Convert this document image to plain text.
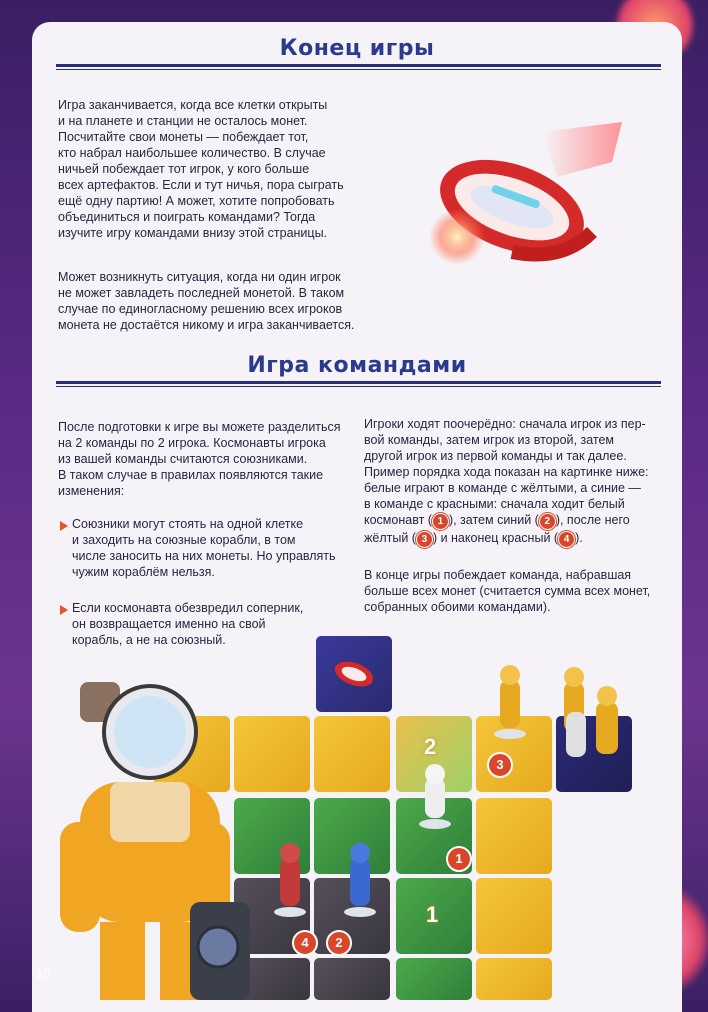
Конец игры

Игра заканчивается, когда все клетки открыты
и на планете и станции не осталось монет.
Посчитайте свои монеты — побеждает тот,
кто набрал наибольшее количество. В случае
ничьей побеждает тот игрок, у кого больше
всех артефактов. Если и тут ничья, пора сыграть
ещё одну партию! А может, хотите попробовать
объединиться и поиграть командами? Тогда
изучите игру командами внизу этой страницы.

Может возникнуть ситуация, когда ни один игрок
не может завладеть последней монетой. В таком
случае по единогласному решению всех игроков
монета не достаётся никому и игра заканчивается.

Игра командами

После подготовки к игре вы можете разделиться
на 2 команды по 2 игрока. Космонавты игрока
из вашей команды считаются союзниками.
В таком случае в правилах появляются такие
изменения:

Союзники могут стоять на одной клетке
и заходить на союзные корабли, в том
числе заносить на них монеты. Но управлять
чужим кораблём нельзя.
Если космонавта обезвредил соперник,
он возвращается именно на свой
корабль, а не на союзный.
Игроки ходят поочерёдно: сначала игрок из пер-
вой команды, затем игрок из второй, затем
другой игрок из первой команды и так далее.
Пример порядка хода показан на картинке ниже:
белые играют в команде с жёлтыми, а синие —
в команде с красными: сначала ходит белый
космонавт ( 1 ), затем синий ( 2 ), после него
жёлтый ( 3 ) и наконец красный ( 4 ).

В конце игры побеждает команда, набравшая
больше всех монет (считается сумма всех монет,
собранных обоими командами).

2
1
1
2
3
4
10
